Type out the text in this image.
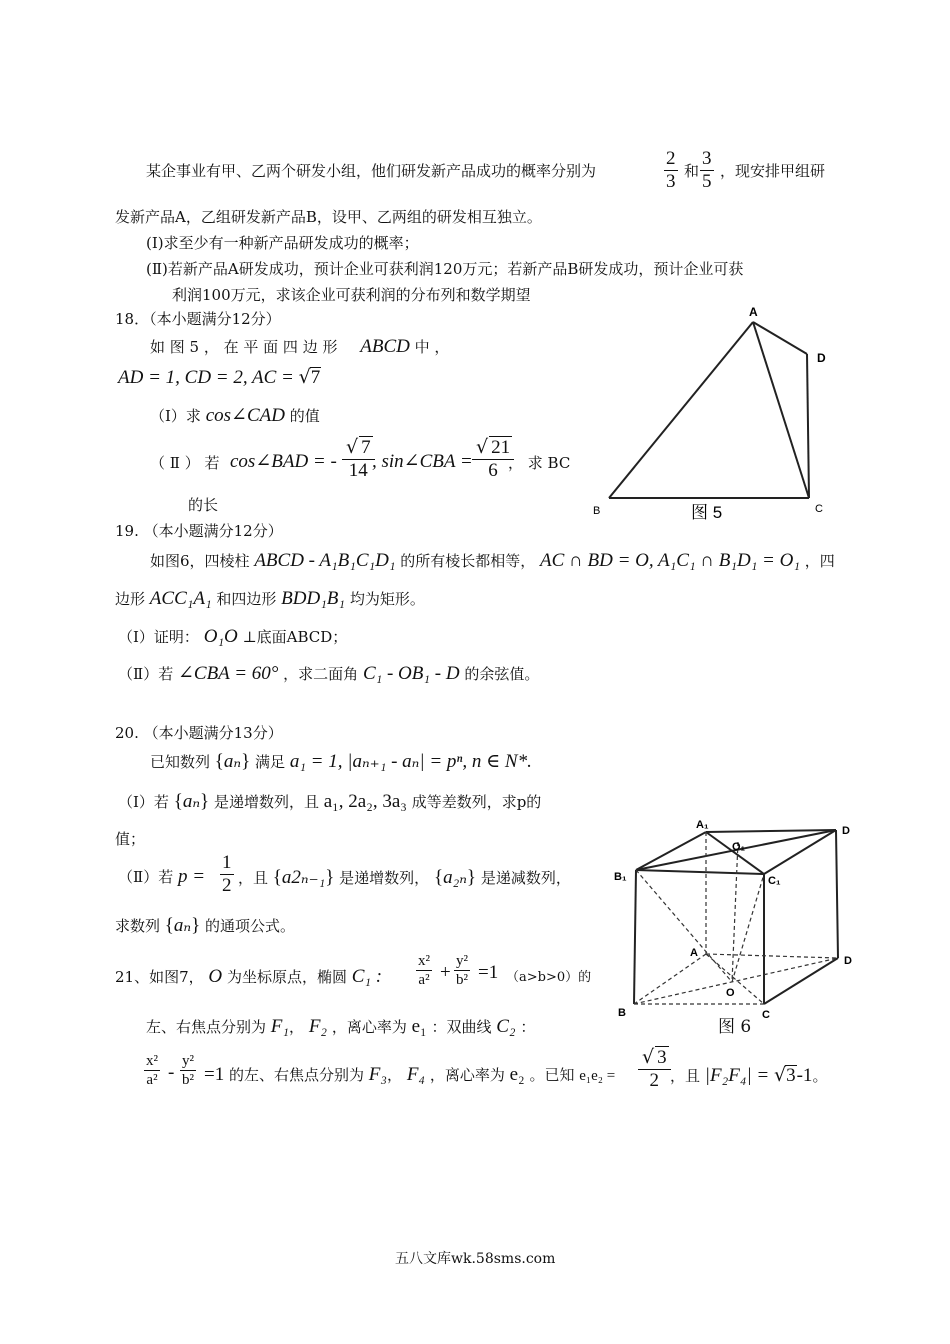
某企事业有甲、乙两个研发小组，他们研发新产品成功的概率分别为	$\frac{2}{3}$ 和 $\frac{3}{5}$ ，现安排甲组研
发新产品A，乙组研发新产品B，设甲、乙两组的研发相互独立。
(Ⅰ)求至少有一种新产品研发成功的概率；
(Ⅱ)若新产品A研发成功，预计企业可获利润120万元；若新产品B研发成功，预计企业可获
利润100万元，求该企业可获利润的分布列和数学期望
18．（本小题满分12分）
如 图 5 ， 在 平 面 四 边 形 ABCD 中 ，
AD = 1, CD = 2, AC = √7
（Ⅰ）求 cos∠CAD 的值
（ Ⅱ ） 若 cos∠BAD = - $\frac{√ 7}{14}$
, sin∠CBA = $\frac{√ 21}{6}$
， 求 BC
的长
A
D
B	C
图 5
19. （本小题满分12分）
如图6，四棱柱 ABCD - A₁B₁C₁D₁ 的所有棱长都相等， AC ∩ BD = O, A₁C₁ ∩ B₁D₁ = O₁ ，四
边形 ACC₁A₁ 和四边形 BDD₁B₁ 均为矩形。
（Ⅰ）证明： O₁O ⊥底面ABCD；
（Ⅱ）若 ∠CBA = 60° ，求二面角 C₁ - OB₁ - D 的余弦值。
20. （本小题满分13分）
已知数列 {aₙ} 满足 a₁ = 1, |aₙ₊₁ - aₙ| = pⁿ, n ∈ N*.
（Ⅰ）若 {aₙ} 是递增数列，且 a₁, 2a₂, 3a₃ 成等差数列，求p的
值；
（Ⅱ）若 $p = \frac{1}{2}$ ，且 {a2ₙ₋₁} 是递增数列， {a₂ₙ} 是递减数列，
求数列 {aₙ} 的通项公式。
A₁
O₁
D
B₁	C₁
A
D
B
O
C
图 6
21、如图7， O 为坐标原点，椭圆 C₁ : $\frac{\text{x²}}{\text{a²}} + \frac{\text{y²}}{\text{b²}} =1$ （a>b>0）的
左、右焦点分别为 F₁， F₂ ，离心率为 e₁ ：双曲线 C₂ ：
$\frac{\text{x²}}{\text{a²}} - \frac{\text{y²}}{\text{b²}} =1$ 的左、右焦点分别为 F₃， F₄ ，离心率为 e₂ 。已知 $e_1e_2 = \frac{√ 3}{2}$ ，且 |F₂F₄| = √3-1。
五八文库wk.58sms.com
